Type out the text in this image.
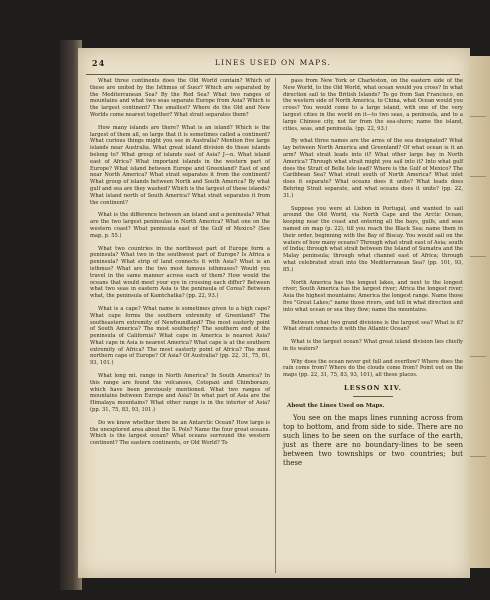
24	LINES USED ON MAPS.

What three continents does the Old World contain? Which of these are united by the Isthmus of Suez? Which are separated by the Mediterranean Sea? By the Red Sea? What two ranges of mountains and what two seas separate Europe from Asia? Which is the largest continent? The smallest? Where do the Old and New Worlds come nearest together? What strait separates them?

How many islands are there? What is an island? Which is the largest of them all, so large that it is sometimes called a continent? What curious things might you see in Australia? Mention five large islands near Australia. What great island division do these islands belong to? What group of islands east of Asia? J—n. What island east of Africa? What important islands in the western part of Europe? What island between Europe and Greenland? East of and near North America? What strait separates it from the continent? What group of islands between North and South America? By what gulf and sea are they washed? Which is the largest of these islands? What island north of South America? What strait separates it from the continent?

What is the difference between an island and a peninsula? What are the two largest peninsulas in North America? What one on the western coast? What peninsula east of the Gulf of Mexico? (See map, p. 55.)

What two countries in the northwest part of Europe form a peninsula? What two in the southwest part of Europe? Is Africa a peninsula? What strip of land connects it with Asia? What is an isthmus? What are the two most famous isthmuses? Would you travel in the same manner across each of them? How would the oceans that would meet your eye in crossing each differ? Between what two seas in eastern Asia is the peninsula of Corea? Between what, the peninsula of Kamtchatka? (pp. 22, 93.)

What is a cape? What name is sometimes given to a high cape? What cape forms the southern extremity of Greenland? The southeastern extremity of Newfoundland? The most easterly point of South America? The most southerly? The southern end of the peninsula of California? What cape in America is nearest Asia? What cape in Asia is nearest America? What cape is at the southern extremity of Africa? The most easterly point of Africa? The most northern cape of Europe? Of Asia? Of Australia? (pp. 22, 31, 75, 81, 93, 101.)

What long mt. range in North America? In South America? In this range are found the volcanoes, Cotopaxi and Chimborazo, which have been previously mentioned. What two ranges of mountains between Europe and Asia? In what part of Asia are the Himalaya mountains? What other range is in the interior of Asia? (pp. 31, 75, 83, 93, 101.)

Do we know whether there be an Antarctic Ocean? How large is the unexplored area about the S. Pole? Name the four great oceans. Which is the largest ocean? What oceans surround the western continent? The eastern continents, or Old World? To

pass from New York or Charleston, on the eastern side of the New World, to the Old World, what ocean would you cross? In what direction sail to the British Islands? To go from San Francisco, on the western side of North America, to China, what Ocean would you cross? You would come to a large island, with one of the very largest cities in the world on it—to two seas, a peninsula, and to a large Chinese city, not far from the sea-shore; name the island, cities, seas, and peninsula. (pp. 22, 93.)

By what three names are the arms of the sea designated? What lay between North America and Greenland? Of what ocean is it an arm? What strait leads into it? What other large bay in North America? Through what strait might you sail into it? Into what gulf does the Strait of Belle Isle lead? Where is the Gulf of Mexico? The Caribbean Sea? What strait south of North America? What inlet does it separate? What oceans does it unite? What leads does Behring Strait separate, and what oceans does it unite? (pp. 22, 31.)

Suppose you were at Lisbon in Portugal, and wanted to sail around the Old World, via North Cape and the Arctic Ocean, keeping near the coast and entering all the bays, gulfs, and seas named on map (p. 22), till you reach the Black Sea; name them in their order, beginning with the Bay of Biscay. You would sail on the waters of how many oceans? Through what strait east of Asia; south of India; through what strait between the Island of Sumatra and the Malay peninsula; through what channel east of Africa; through what celebrated strait into the Mediterranean Sea? (pp. 101, 93, 85.)

North America has the longest lakes, and next to the longest river; South America has the largest river; Africa the longest river; Asia the highest mountains; America the longest range. Name those five "Great Lakes;" name those rivers, and tell in what direction and into what ocean or sea they flow; name the mountains.

Between what two grand divisions is the largest sea? What is it? What strait connects it with the Atlantic Ocean?

What is the largest ocean? What great island division lies chiefly in its waters?

Why does the ocean never get full and overflow? Where does the rain come from? Where do the clouds come from? Point out on the maps (pp. 22, 31, 75, 83, 93, 101), all these places.

LESSON XIV.
About the Lines Used on Maps.

You see on the maps lines running across from top to bottom, and from side to side. There are no such lines to be seen on the surface of the earth, just as there are no boundary-lines to be seen between two townships or two countries; but these
